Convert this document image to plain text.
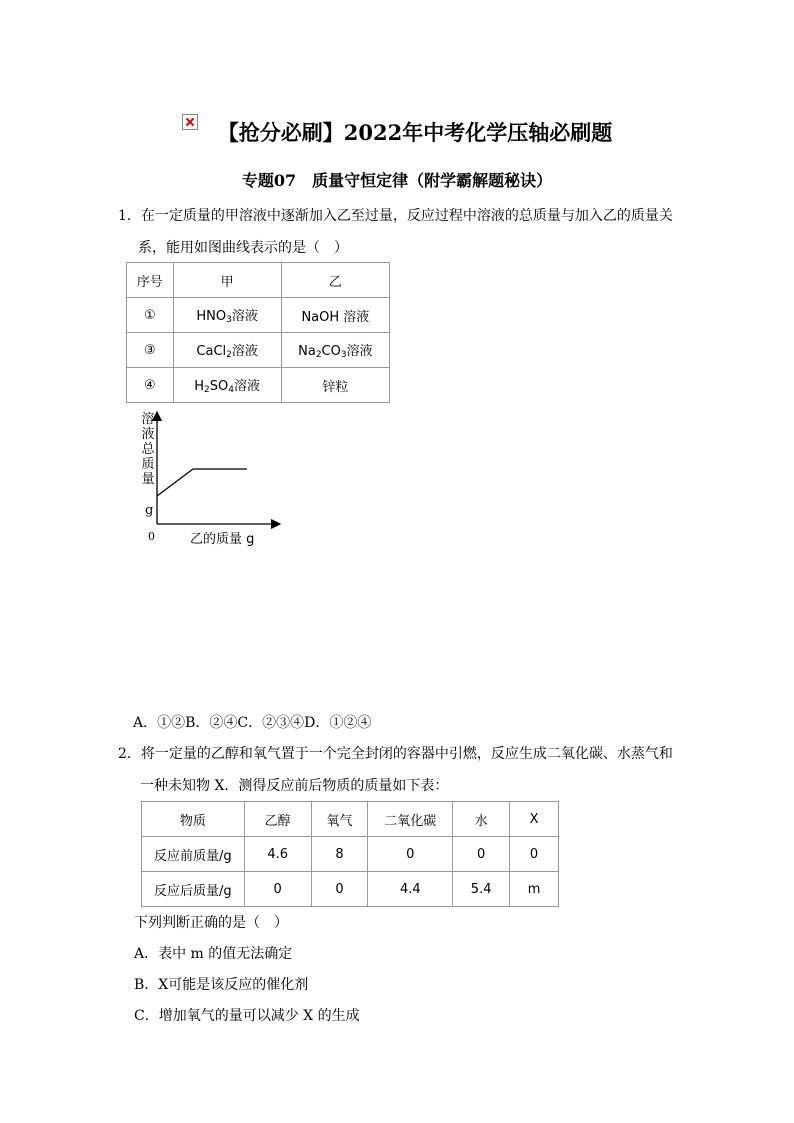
【抢分必刷】2022年中考化学压轴必刷题
专题07　质量守恒定律（附学霸解题秘诀）
1．在一定质量的甲溶液中逐渐加入乙至过量，反应过程中溶液的总质量与加入乙的质量关
系，能用如图曲线表示的是（　）
序号	甲	乙
①	$HNO_3$溶液	NaOH 溶液
③	CaCl$_2$溶液	$Na_2CO_3$溶液
④	$H_2SO_4$溶液	锌粒
溶
液
总
质
量
g
0	乙的质量 g
A．①②B．②④C．②③④D．①②④
2．将一定量的乙醇和氧气置于一个完全封闭的容器中引燃，反应生成二氧化碳、水蒸气和
一种未知物 X．测得反应前后物质的质量如下表：
物质	乙醇	氧气	二氧化碳	水	X
反应前质量/g	4.6	8	0	0	0
反应后质量/g	0	0	4.4	5.4	m
下列判断正确的是（　）
A．表中 m 的值无法确定
B．X可能是该反应的催化剂
C．增加氧气的量可以减少 X 的生成
